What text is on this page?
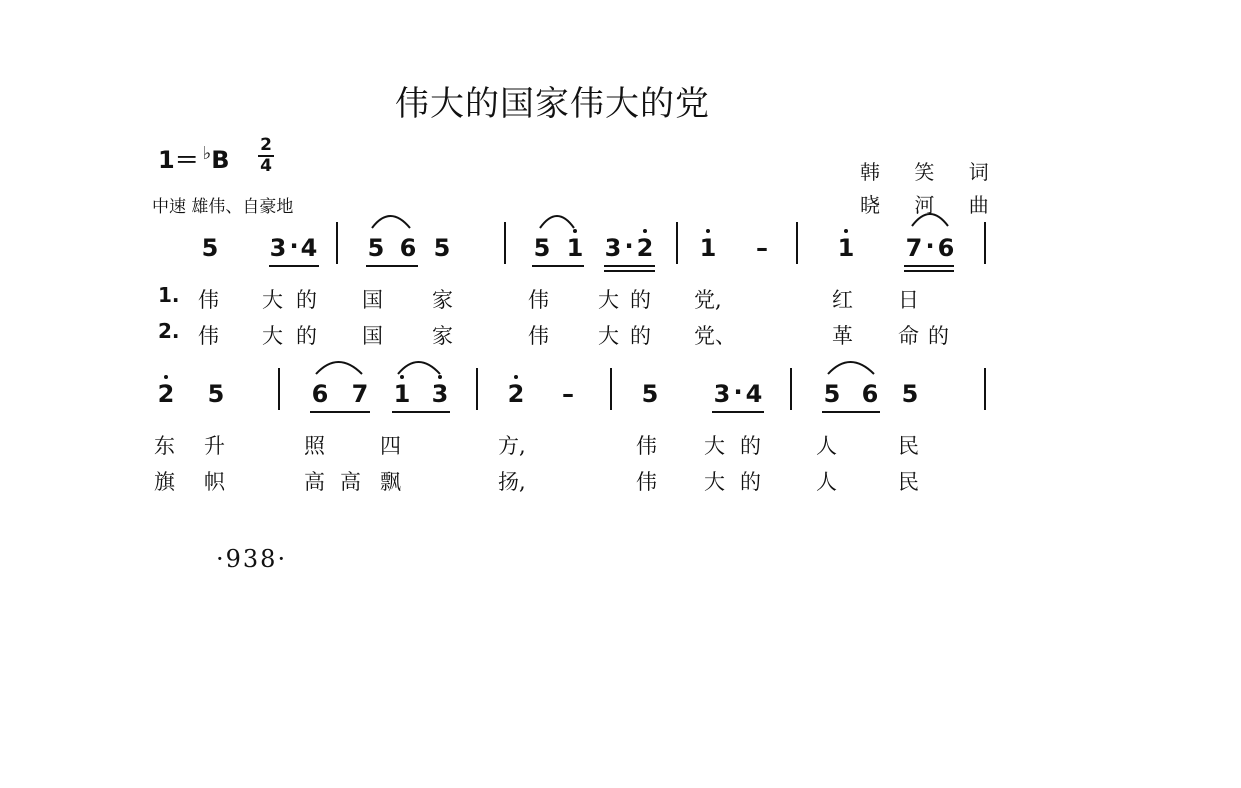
伟大的国家伟大的党
1＝ ♭B
2
4
中速 雄伟、自豪地
韩 笑 词
晓 河 曲
5 3 · 4 5 6 5	5 1 3 · 2 1 –	1 7 · 6
1. 伟 大 的 国 家	伟 大 的 党,	红 日
2. 伟 大 的 国 家	伟 大 的 党、	革 命 的
2 5	6 7 1 3 2 –	5 3 · 4	5 6 5
东 升	照	四	方,	伟 大 的	人	民
旗 帜	高 高 飘	扬,	伟 大 的	人	民
·938·
